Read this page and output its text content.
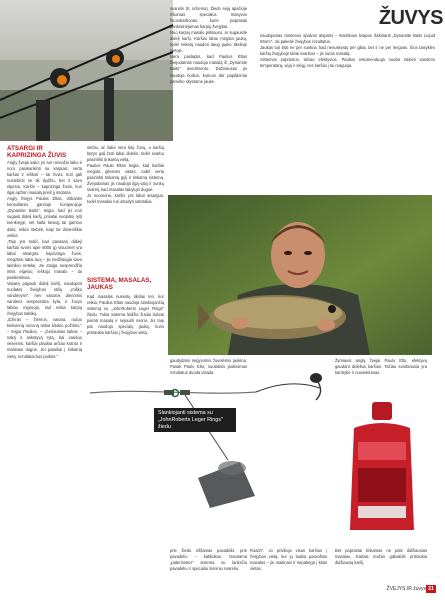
ŽUVYS
ATSARGI IR KAPRIZINGA ŽUVIS
Angly žvejai sako: jei turi nemažai laiko ir noro pasikankinti su karpiais, verta karšiai ir ieškoti – tai žuvis, kuri gali nustebinti ne tik dydžiu, bet ir savo elgesiu. Karšis – kaprizinga žuvis, kuri ilgai apžiūri masalą prieš jį imdama.
Angly žvejys Paulas Eltas, dirbantis konsultantu garsioje kompanijoje „Dynamite Baits", teigia, kad jei nori sugauti didelį karšį, privalai nuolatinį ryšį tvenkinyje, net šalta tiesiog tai gamtos dalis, reikia stebėti, kaip tai dinamiškai veikia.
„Taip yra todėl, kad pavasarį didieji karšiai svoris apie 8000 g) visuomet yra labai atsargūs, kaprizinga žuvis, megztasi labai tuoj – jie nedžiaugia savo laimikio netekę. Jie staiga nusprendžia imtis elgesio, ieškojo masalo – tai pasikeitimas.
Vasarą pagauti didelį karšį, naudojant nuolatinį žvejybos stilių „miško vandenyse", nes vasaros dienomis vandens temperatūra kyla, ir žuvys labiau migruoja, tad reikia karpių žvejybos taktikų.
„Ežeras – žiemos, vasara, ruduo kiekvieną sezoną reikia kitokio požiūrio," – teigia Paulius, – „Geriausias laikas – naktį ir ankstyvą rytą, kai vanduo vėsesnis, karšiai plaukia arčiau kranto ir maitinasi dugne. Jei pataikai į tinkamą vietą, rezultatai bus puikūs."
stebiu, ar šalia nėra kitų žuvų, o karšių būrys gali būti labai didelis, todėl svarbu pasirinkti tinkamą vietą.
Paulius Paulo Eltas teigia, kad karšiai mėgsta gilesnes vietas, todėl verta pasirinkti tinkamą gylį ir tinkamą sistemą. Žvejodamas jis naudoja ilgą valą ir sunkų svarelį, kad masalas laikytųsi dugne.
Jo nuomone, karšis yra labai atsargus, todėl masalas turi atrodyti natūraliai.
SISTEMA, MASALAS, JAUKAS
Kad masalas nusėstų tiksliai ten, kur reikia, Paulius Eltas naudoja slankiojančią sistemą su „JohnRoberts Leger Rings" žiedu. Tokia sistema leidžia žuviai laisvai paimti masalą ir nejausti svorio. Jis taip pat naudoja specialų jauką, kuris pritraukia karšius į žvejybos vietą.
Slankiojanti sistema su „JohnRoberts Leger Rings" žiedu
prie žiedo riššamas pavadėlis, prie pavadėlio – kabliukas. Gaunama „paternoster" sistema su lanksčiu pavadėliu ir specialiu švininiu svareliu.
svarelis (tr. schema). Žiedo sėją apačioje rišiamas specialus masyvus fluorokarbonas, kuris paprastai pardavinėjamas karpių žvejybai.
Nuo karpių masalo priklauso, ar sugausite didelį karšį. Karšiai labai mėgsta jauką, todėl reikėtų naudoti daug jauko tikslioje vietoje.
Nėra paslaptis, kad Paulius Eltas žvejodamas naudoja masalą iš „Dynamite Baits" asortimento. Dažniausiai jis naudoja boilius, kuriuos dar papildomai pamirko skystame jauke.
gaudydami negyvomis žuvelėmis jaukina. Pasak Paulo Elto, nuolatinis jaukinimas rezultatus duoda visada.
Roach". Jo privilioja visus karšius į žvejybos vietą, kur jų laukia paruoštas masalas – jie maitinasi ir nepabėga į kitas vietas.
naudojamas randonos spalvos atspalvį – maistinius kvapus išskirianti „Dynamite Baits Liquid Worm". Jis pakeitė žvejybos rezultatus.
Jaukas turi būti ne per sunkus, kad nenuskęstų per giliai, bet ir ne per lengvas. Šios taisyklės karšių žvejyboje labai svarbios – jis suras masalą.
Sistemos paprastos, tačiau efektyvios. Paulius rekomenduoja nuolat stebėti vandens temperatūrą, vėją ir slėgį, nes karšiai į tai reaguoja.
Žymiausi angly žvejai Paulo Elto, efektyvų gaudant didelius karšius. Tačiau svarbiausia yra kantrybė ir nuoseklumas.
Bet paprastai tinkamas ne pats didžiausias masalas. Kartais mažas gabalėlis pritraukia didžiausią karšį.
ŽVEJYS IR žuvys 31
